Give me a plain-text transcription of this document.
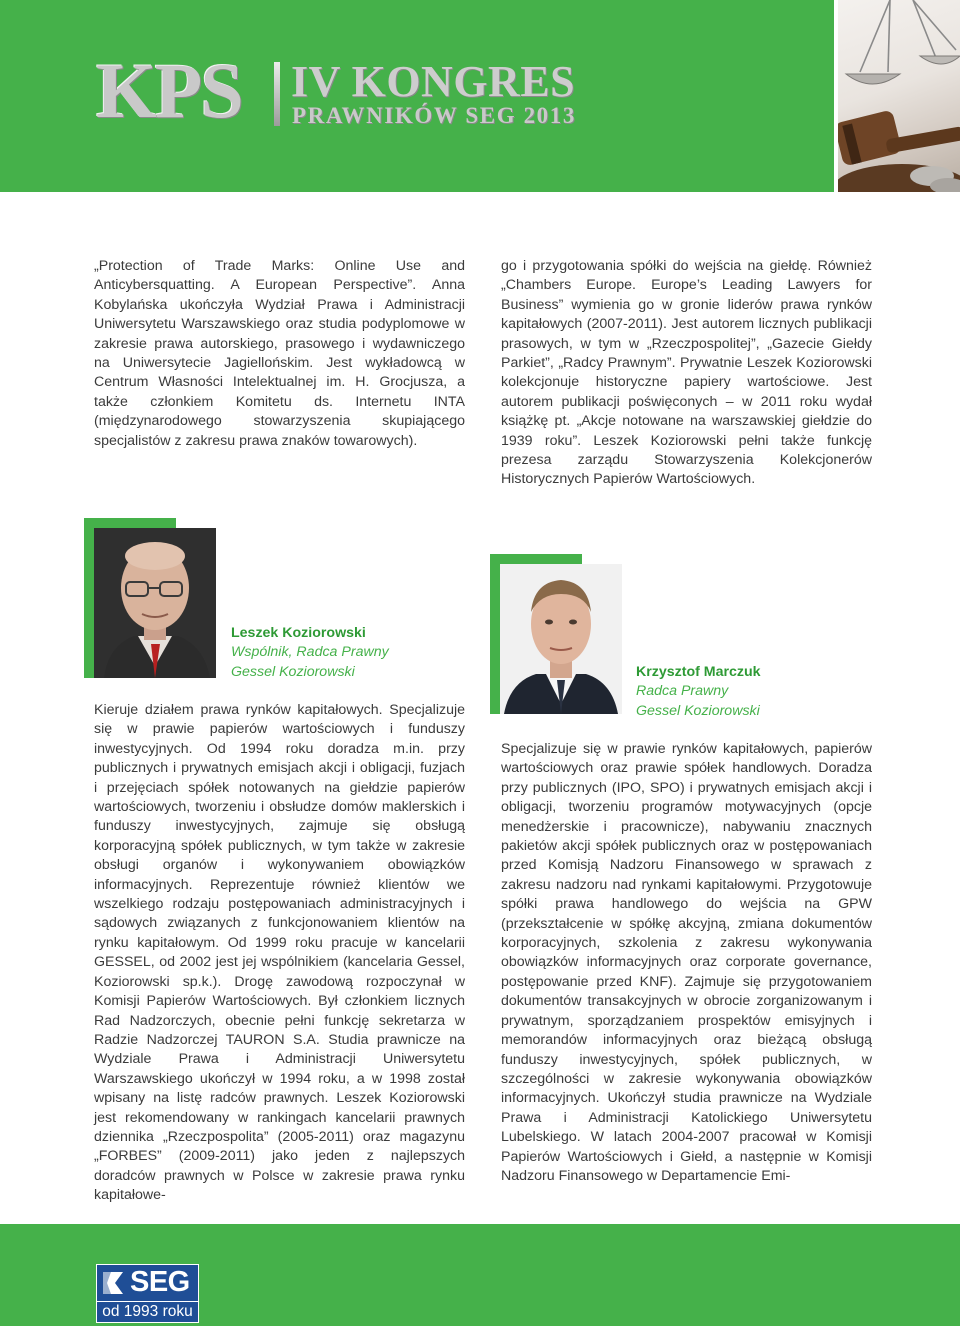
KPS IV KONGRES
PRAWNIKÓW SEG 2013

„Protection of Trade Marks: Online Use and Anticybersquatting. A European Perspective”. Anna Kobylańska ukończyła Wydział Prawa i Administracji Uniwersytetu Warszawskiego oraz studia podyplomowe w zakresie prawa autorskiego, prasowego i wydawniczego na Uniwersytecie Jagiellońskim. Jest wykładowcą w Centrum Własności Intelektualnej im. H. Grocjusza, a także członkiem Komitetu ds. Internetu INTA (międzynarodowego stowarzyszenia skupiającego specjalistów z zakresu prawa znaków towarowych).

go i przygotowania spółki do wejścia na giełdę. Również „Chambers Europe. Europe’s Leading Lawyers for Business” wymienia go w gronie liderów prawa rynków kapitałowych (2007-2011). Jest autorem licznych publikacji prasowych, w tym w „Rzeczpospolitej”, „Gazecie Giełdy Parkiet”, „Radcy Prawnym”. Prywatnie Leszek Koziorowski kolekcjonuje historyczne papiery wartościowe. Jest autorem publikacji poświęconych – w 2011 roku wydał książkę pt. „Akcje notowane na warszawskiej giełdzie do 1939 roku”. Leszek Koziorowski pełni także funkcję prezesa zarządu Stowarzyszenia Kolekcjonerów Historycznych Papierów Wartościowych.

Leszek Koziorowski
Wspólnik, Radca Prawny
Gessel Koziorowski

Kieruje działem prawa rynków kapitałowych. Specjalizuje się w prawie papierów wartościowych i funduszy inwestycyjnych. Od 1994 roku doradza m.in. przy publicznych i prywatnych emisjach akcji i obligacji, fuzjach i przejęciach spółek notowanych na giełdzie papierów wartościowych, tworzeniu i obsłudze domów maklerskich i funduszy inwestycyjnych, zajmuje się obsługą korporacyjną spółek publicznych, w tym także w zakresie obsługi organów i wykonywaniem obowiązków informacyjnych. Reprezentuje również klientów we wszelkiego rodzaju postępowaniach administracyjnych i sądowych związanych z funkcjonowaniem klientów na rynku kapitałowym. Od 1999 roku pracuje w kancelarii GESSEL, od 2002 jest jej wspólnikiem (kancelaria Gessel, Koziorowski sp.k.). Drogę zawodową rozpoczynał w Komisji Papierów Wartościowych. Był członkiem licznych Rad Nadzorczych, obecnie pełni funkcję sekretarza w Radzie Nadzorczej TAURON S.A. Studia prawnicze na Wydziale Prawa i Administracji Uniwersytetu Warszawskiego ukończył w 1994 roku, a w 1998 został wpisany na listę radców prawnych. Leszek Koziorowski jest rekomendowany w rankingach kancelarii prawnych dziennika „Rzeczpospolita” (2005-2011) oraz magazynu „FORBES” (2009-2011) jako jeden z najlepszych doradców prawnych w Polsce w zakresie prawa rynku kapitałowe-

Krzysztof Marczuk
Radca Prawny
Gessel Koziorowski

Specjalizuje się w prawie rynków kapitałowych, papierów wartościowych oraz prawie spółek handlowych. Doradza przy publicznych (IPO, SPO) i prywatnych emisjach akcji i obligacji, tworzeniu programów motywacyjnych (opcje menedżerskie i pracownicze), nabywaniu znacznych pakietów akcji spółek publicznych oraz w postępowaniach przed Komisją Nadzoru Finansowego w sprawach z zakresu nadzoru nad rynkami kapitałowymi. Przygotowuje spółki prawa handlowego do wejścia na GPW (przekształcenie w spółkę akcyjną, zmiana dokumentów korporacyjnych, szkolenia z zakresu wykonywania obowiązków informacyjnych oraz corporate governance, postępowanie przed KNF). Zajmuje się przygotowaniem dokumentów transakcyjnych w obrocie zorganizowanym i prywatnym, sporządzaniem prospektów emisyjnych i memorandów informacyjnych oraz bieżącą obsługą funduszy inwestycyjnych, spółek publicznych, w szczególności w zakresie wykonywania obowiązków informacyjnych. Ukończył studia prawnicze na Wydziale Prawa i Administracji Katolickiego Uniwersytetu Lubelskiego. W latach 2004-2007 pracował w Komisji Papierów Wartościowych i Giełd, a następnie w Komisji Nadzoru Finansowego w Departamencie Emi-

SEG
od 1993 roku
